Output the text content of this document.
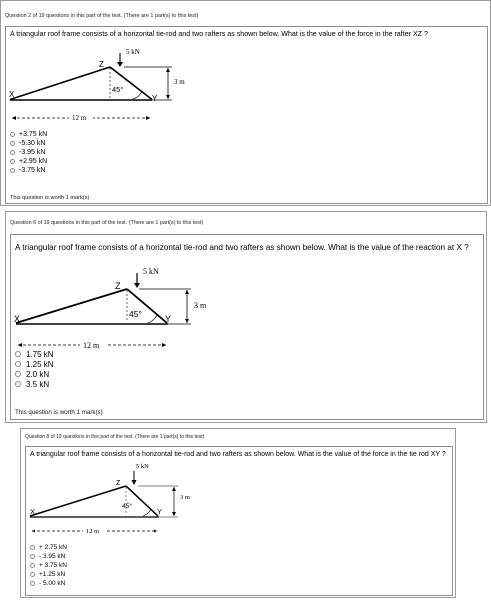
Question 2 of 19 questions in this part of the test. (There are 1 part(s) to this test)
A triangular roof frame consists of a horizontal tie-rod and two rafters as shown below. What is the value of the force in the rafter XZ ?
5 kN
Z
X	Y
3 m
45°
12 m
+3.75 kN
-5.30 kN
-3.95 kN
+2.95 kN
-3.75 kN
This question is worth 1 mark(s)
Question 6 of 19 questions in this part of the test. (There are 1 part(s) to this test)
A triangular roof frame consists of a horizontal tie-rod and two rafters as shown below. What is the value of the reaction at X ?
5 kN
Z
X	Y
3 m
45°
12 m
1.75 kN
1.25 kN
2.0 kN
3.5 kN
This question is worth 1 mark(s)
Question 8 of 19 questions in this part of the test. (There are 1 part(s) to this test)
A triangular roof frame consists of a horizontal tie-rod and two rafters as shown below. What is the value of the force in the tie rod XY ?
5 kN
Z
X	Y
3 m
45°
12 m
+ 2.75 kN
- 3.95 kN
+ 3.75 kN
+1.25 kN
- 5.00 kN
